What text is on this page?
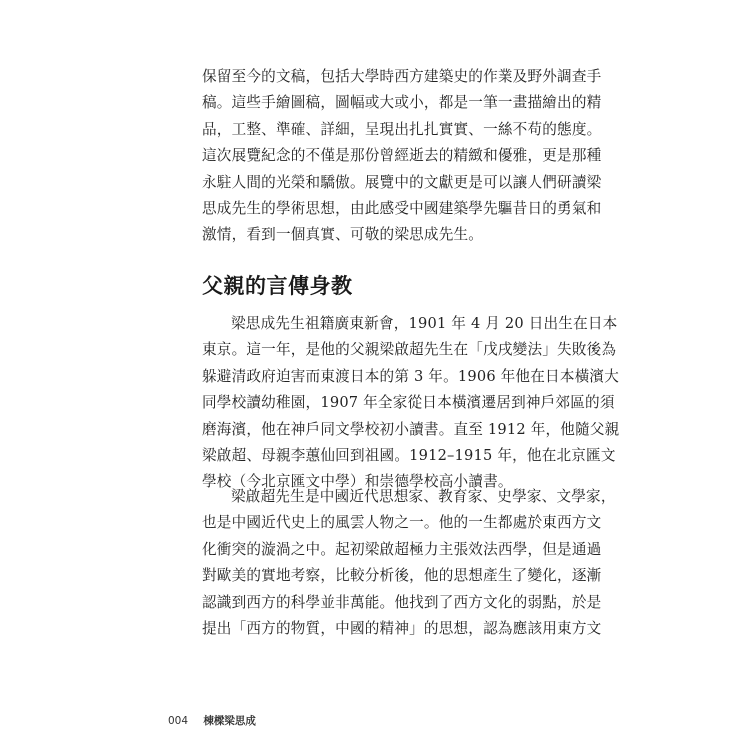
保留至今的文稿，包括大學時西方建築史的作業及野外調查手
稿。這些手繪圖稿，圖幅或大或小，都是一筆一畫描繪出的精
品，工整、準確、詳細，呈現出扎扎實實、一絲不苟的態度。
這次展覽紀念的不僅是那份曾經逝去的精緻和優雅，更是那種
永駐人間的光榮和驕傲。展覽中的文獻更是可以讓人們研讀梁
思成先生的學術思想，由此感受中國建築學先驅昔日的勇氣和
激情，看到一個真實、可敬的梁思成先生。
父親的言傳身教
梁思成先生祖籍廣東新會，1901 年 4 月 20 日出生在日本
東京。這一年，是他的父親梁啟超先生在「戊戌變法」失敗後為
躲避清政府迫害而東渡日本的第 3 年。1906 年他在日本橫濱大
同學校讀幼稚園，1907 年全家從日本橫濱遷居到神戶郊區的須
磨海濱，他在神戶同文學校初小讀書。直至 1912 年，他隨父親
梁啟超、母親李蕙仙回到祖國。1912–1915 年，他在北京匯文
學校（今北京匯文中學）和崇德學校高小讀書。
梁啟超先生是中國近代思想家、教育家、史學家、文學家，
也是中國近代史上的風雲人物之一。他的一生都處於東西方文
化衝突的漩渦之中。起初梁啟超極力主張效法西學，但是通過
對歐美的實地考察，比較分析後，他的思想產生了變化，逐漸
認識到西方的科學並非萬能。他找到了西方文化的弱點，於是
提出「西方的物質，中國的精神」的思想，認為應該用東方文
004 棟樑梁思成
